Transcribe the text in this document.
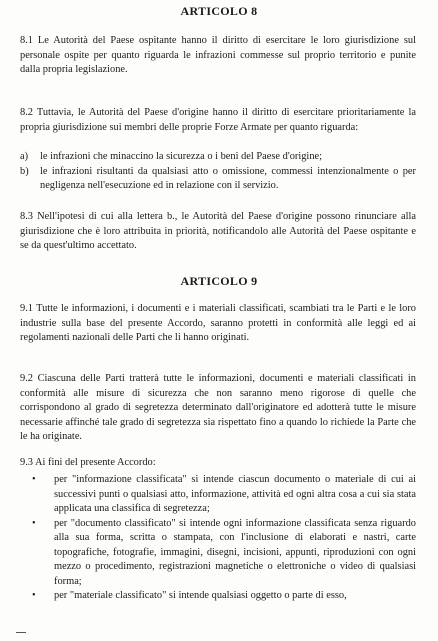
ARTICOLO 8

8.1 Le Autorità del Paese ospitante hanno il diritto di esercitare le loro giurisdizione sul personale ospite per quanto riguarda le infrazioni commesse sul proprio territorio e punite dalla propria legislazione.

8.2 Tuttavia, le Autorità del Paese d'origine hanno il diritto di esercitare prioritariamente la propria giurisdizione sui membri delle proprie Forze Armate per quanto riguarda:

a) le infrazioni che minaccino la sicurezza o i beni del Paese d'origine;
b) le infrazioni risultanti da qualsiasi atto o omissione, commessi intenzionalmente o per negligenza nell'esecuzione ed in relazione con il servizio.

8.3 Nell'ipotesi di cui alla lettera b., le Autorità del Paese d'origine possono rinunciare alla giurisdizione che è loro attribuita in priorità, notificandolo alle Autorità del Paese ospitante e se da quest'ultimo accettato.

ARTICOLO 9

9.1 Tutte le informazioni, i documenti e i materiali classificati, scambiati tra le Parti e le loro industrie sulla base del presente Accordo, saranno protetti in conformità alle leggi ed ai regolamenti nazionali delle Parti che li hanno originati.

9.2 Ciascuna delle Parti tratterà tutte le informazioni, documenti e materiali classificati in conformità alle misure di sicurezza che non saranno meno rigorose di quelle che corrispondono al grado di segretezza determinato dall'originatore ed adotterà tutte le misure necessarie affinché tale grado di segretezza sia rispettato fino a quando lo richiede la Parte che le ha originate.

9.3 Ai fini del presente Accordo:

• per "informazione classificata" si intende ciascun documento o materiale di cui ai successivi punti o qualsiasi atto, informazione, attività ed ogni altra cosa a cui sia stata applicata una classifica di segretezza;
• per "documento classificato" si intende ogni informazione classificata senza riguardo alla sua forma, scritta o stampata, con l'inclusione di elaborati e nastri, carte topografiche, fotografie, immagini, disegni, incisioni, appunti, riproduzioni con ogni mezzo o procedimento, registrazioni magnetiche o elettroniche o video di qualsiasi forma;
• per "materiale classificato" si intende qualsiasi oggetto o parte di esso,
